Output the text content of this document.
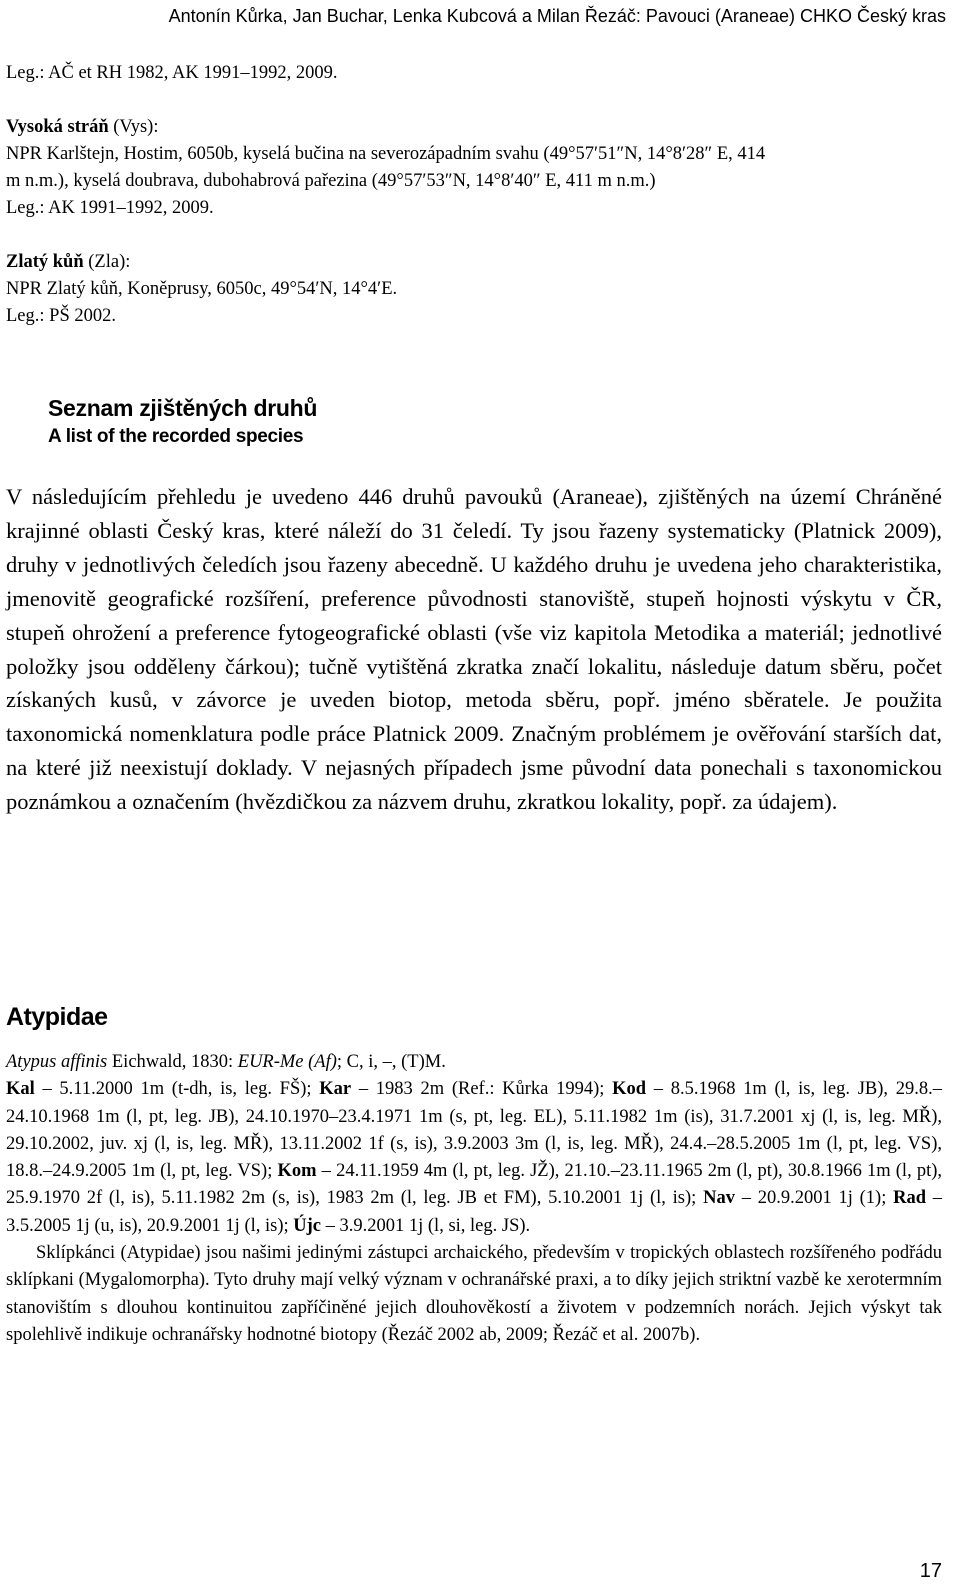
Antonín Kůrka, Jan Buchar, Lenka Kubcová a Milan Řezáč: Pavouci (Araneae) CHKO Český kras
Leg.: AČ et RH 1982, AK 1991–1992, 2009.
Vysoká stráň (Vys):
NPR Karlštejn, Hostim, 6050b, kyselá bučina na severozápadním svahu (49°57′51″N, 14°8′28″ E, 414
m n.m.), kyselá doubrava, dubohabrová pařezina (49°57′53″N, 14°8′40″ E, 411 m n.m.)
Leg.: AK 1991–1992, 2009.
Zlatý kůň (Zla):
NPR Zlatý kůň, Koněprusy, 6050c, 49°54′N, 14°4′E.
Leg.: PŠ 2002.
Seznam zjištěných druhů
A list of the recorded species
V následujícím přehledu je uvedeno 446 druhů pavouků (Araneae), zjištěných na území Chráněné krajinné oblasti Český kras, které náleží do 31 čeledí. Ty jsou řazeny systematicky (Platnick 2009), druhy v jednotlivých čeledích jsou řazeny abecedně. U každého druhu je uvedena jeho charakteristika, jmenovitě geografické rozšíření, preference původnosti stanoviště, stupeň hojnosti výskytu v ČR, stupeň ohrožení a preference fytogeografické oblasti (vše viz kapitola Metodika a materiál; jednotlivé položky jsou odděleny čárkou); tučně vytištěná zkratka značí lokalitu, následuje datum sběru, počet získaných kusů, v závorce je uveden biotop, metoda sběru, popř. jméno sběratele. Je použita taxonomická nomenklatura podle práce Platnick 2009. Značným problémem je ověřování starších dat, na které již neexistují doklady. V nejasných případech jsme původní data ponechali s taxonomickou poznámkou a označením (hvězdičkou za názvem druhu, zkratkou lokality, popř. za údajem).
Atypidae

Atypus affinis Eichwald, 1830: EUR-Me (Af); C, i, –, (T)M.

Kal – 5.11.2000 1m (t-dh, is, leg. FŠ); Kar – 1983 2m (Ref.: Kůrka 1994); Kod – 8.5.1968 1m (l, is, leg. JB), 29.8.–24.10.1968 1m (l, pt, leg. JB), 24.10.1970–23.4.1971 1m (s, pt, leg. EL), 5.11.1982 1m (is), 31.7.2001 xj (l, is, leg. MŘ), 29.10.2002, juv. xj (l, is, leg. MŘ), 13.11.2002 1f (s, is), 3.9.2003 3m (l, is, leg. MŘ), 24.4.–28.5.2005 1m (l, pt, leg. VS), 18.8.–24.9.2005 1m (l, pt, leg. VS); Kom – 24.11.1959 4m (l, pt, leg. JŽ), 21.10.–23.11.1965 2m (l, pt), 30.8.1966 1m (l, pt), 25.9.1970 2f (l, is), 5.11.1982 2m (s, is), 1983 2m (l, leg. JB et FM), 5.10.2001 1j (l, is); Nav – 20.9.2001 1j (1); Rad – 3.5.2005 1j (u, is), 20.9.2001 1j (l, is); Újc – 3.9.2001 1j (l, si, leg. JS).

Sklípkánci (Atypidae) jsou našimi jedinými zástupci archaického, především v tropických oblastech rozšířeného podřádu sklípkani (Mygalomorpha). Tyto druhy mají velký význam v ochranářské praxi, a to díky jejich striktní vazbě ke xerotermním stanovištím s dlouhou kontinuitou zapříčiněné jejich dlouhověkostí a životem v podzemních norách. Jejich výskyt tak spolehlivě indikuje ochranářsky hodnotné biotopy (Řezáč 2002 ab, 2009; Řezáč et al. 2007b).

17
